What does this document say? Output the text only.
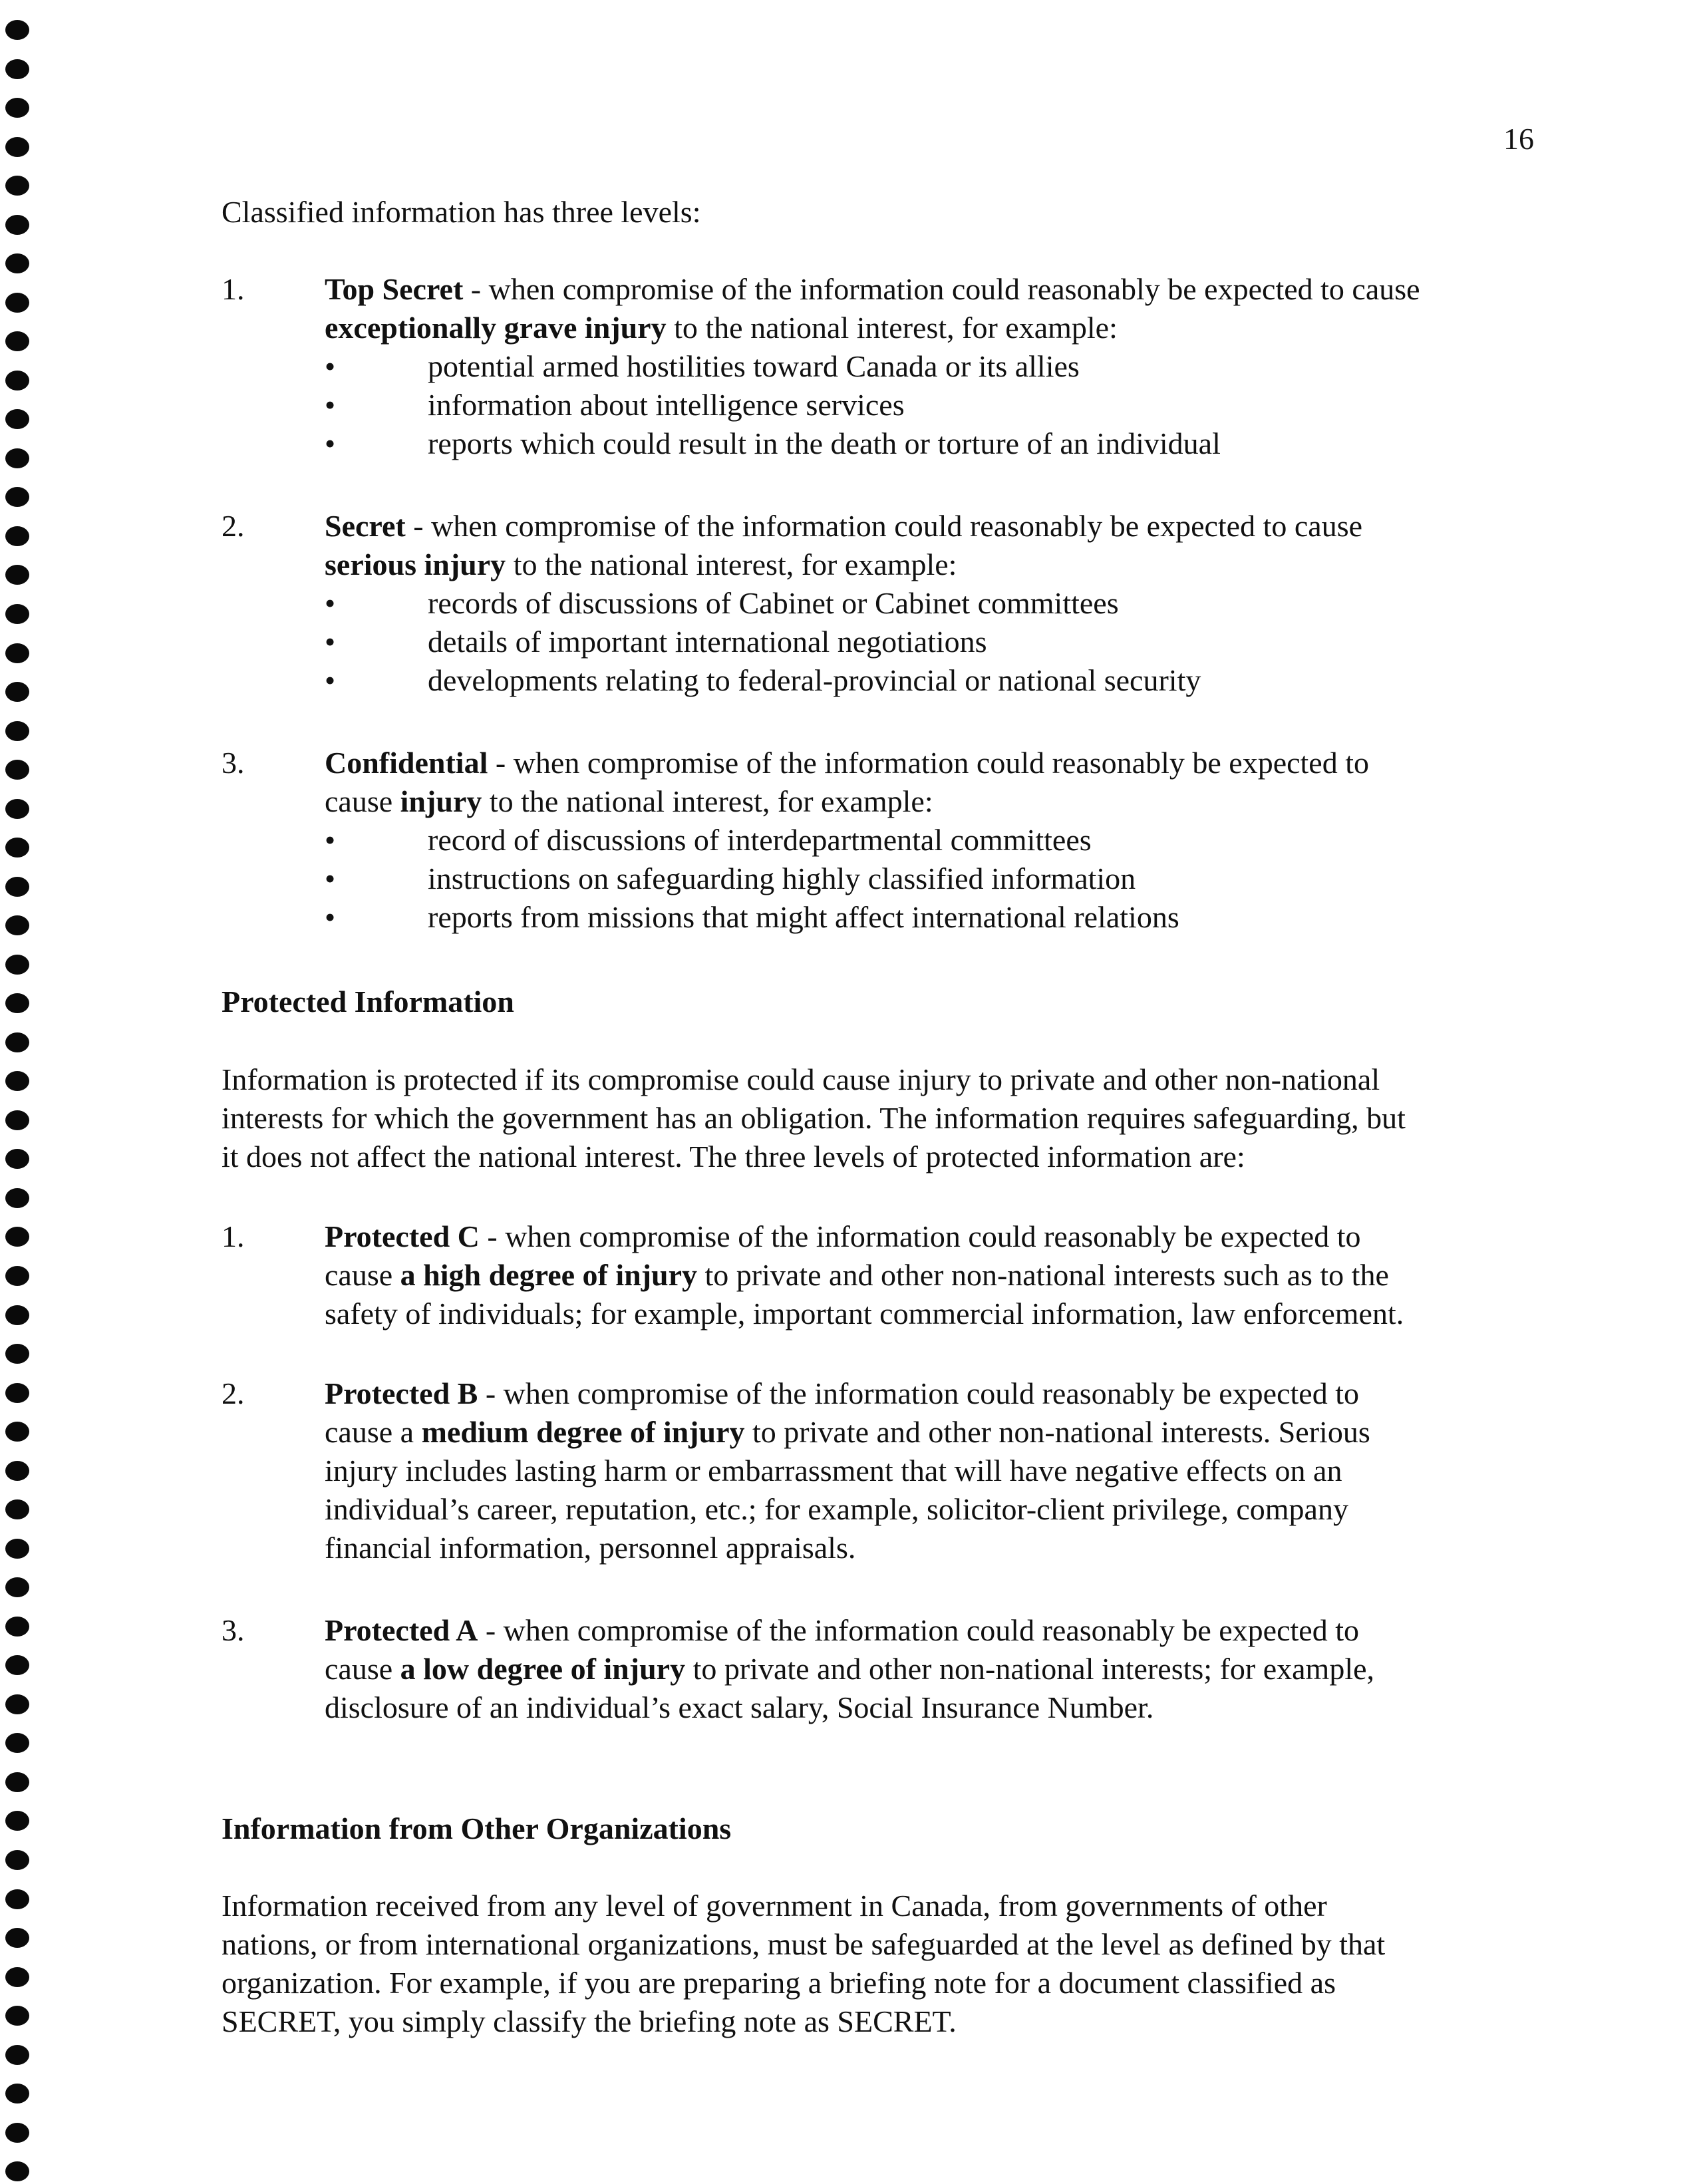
16

Classified information has three levels:

1.	Top Secret - when compromise of the information could reasonably be expected to cause

exceptionally grave injury to the national interest, for example:

•	potential armed hostilities toward Canada or its allies
•	information about intelligence services
•	reports which could result in the death or torture of an individual
2.	Secret - when compromise of the information could reasonably be expected to cause

serious injury to the national interest, for example:

•	records of discussions of Cabinet or Cabinet committees
•	details of important international negotiations
•	developments relating to federal-provincial or national security
3.	Confidential - when compromise of the information could reasonably be expected to

cause injury to the national interest, for example:

•	record of discussions of interdepartmental committees
•	instructions on safeguarding highly classified information
•	reports from missions that might affect international relations

Protected Information

Information is protected if its compromise could cause injury to private and other non-national

interests for which the government has an obligation. The information requires safeguarding, but

it does not affect the national interest. The three levels of protected information are:

1.	Protected C - when compromise of the information could reasonably be expected to

cause a high degree of injury to private and other non-national interests such as to the

safety of individuals; for example, important commercial information, law enforcement.

2.	Protected B - when compromise of the information could reasonably be expected to

cause a medium degree of injury to private and other non-national interests. Serious

injury includes lasting harm or embarrassment that will have negative effects on an

individual’s career, reputation, etc.; for example, solicitor-client privilege, company

financial information, personnel appraisals.

3.	Protected A - when compromise of the information could reasonably be expected to

cause a low degree of injury to private and other non-national interests; for example,

disclosure of an individual’s exact salary, Social Insurance Number.

Information from Other Organizations

Information received from any level of government in Canada, from governments of other

nations, or from international organizations, must be safeguarded at the level as defined by that

organization. For example, if you are preparing a briefing note for a document classified as

SECRET, you simply classify the briefing note as SECRET.
